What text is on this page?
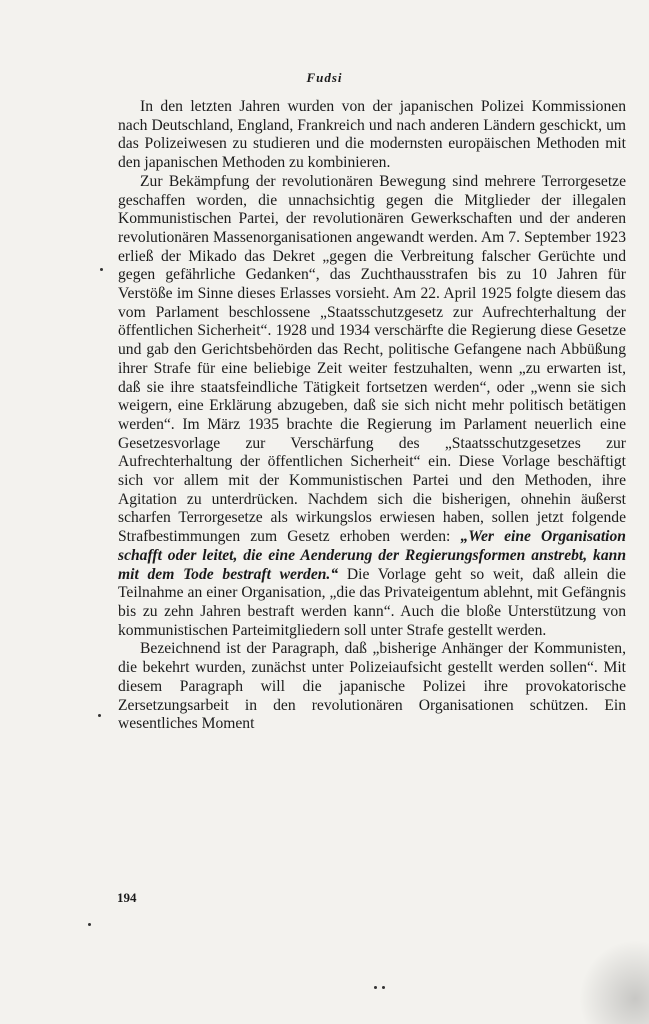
Fudsi

In den letzten Jahren wurden von der japanischen Polizei Kommissionen nach Deutschland, England, Frankreich und nach anderen Ländern geschickt, um das Polizeiwesen zu studieren und die modernsten europäischen Methoden mit den japanischen Methoden zu kombinieren.

Zur Bekämpfung der revolutionären Bewegung sind mehrere Terrorgesetze geschaffen worden, die unnachsichtig gegen die Mitglieder der illegalen Kommunistischen Partei, der revolutionären Gewerkschaften und der anderen revolutionären Massenorganisationen angewandt werden. Am 7. September 1923 erließ der Mikado das Dekret „gegen die Verbreitung falscher Gerüchte und gegen gefährliche Gedanken“, das Zuchthausstrafen bis zu 10 Jahren für Verstöße im Sinne dieses Erlasses vorsieht. Am 22. April 1925 folgte diesem das vom Parlament beschlossene „Staatsschutzgesetz zur Aufrechterhaltung der öffentlichen Sicherheit“. 1928 und 1934 verschärfte die Regierung diese Gesetze und gab den Gerichtsbehörden das Recht, politische Gefangene nach Abbüßung ihrer Strafe für eine beliebige Zeit weiter festzuhalten, wenn „zu erwarten ist, daß sie ihre staatsfeindliche Tätigkeit fortsetzen werden“, oder „wenn sie sich weigern, eine Erklärung abzugeben, daß sie sich nicht mehr politisch betätigen werden“. Im März 1935 brachte die Regierung im Parlament neuerlich eine Gesetzesvorlage zur Verschärfung des „Staatsschutzgesetzes zur Aufrechterhaltung der öffentlichen Sicherheit“ ein. Diese Vorlage beschäftigt sich vor allem mit der Kommunistischen Partei und den Methoden, ihre Agitation zu unterdrücken. Nachdem sich die bisherigen, ohnehin äußerst scharfen Terrorgesetze als wirkungslos erwiesen haben, sollen jetzt folgende Strafbestimmungen zum Gesetz erhoben werden: „Wer eine Organisation schafft oder leitet, die eine Aenderung der Regierungsformen anstrebt, kann mit dem Tode bestraft werden.“ Die Vorlage geht so weit, daß allein die Teilnahme an einer Organisation, „die das Privateigentum ablehnt, mit Gefängnis bis zu zehn Jahren bestraft werden kann“. Auch die bloße Unterstützung von kommunistischen Parteimitgliedern soll unter Strafe gestellt werden.

Bezeichnend ist der Paragraph, daß „bisherige Anhänger der Kommunisten, die bekehrt wurden, zunächst unter Polizeiaufsicht gestellt werden sollen“. Mit diesem Paragraph will die japanische Polizei ihre provokatorische Zersetzungsarbeit in den revolutionären Organisationen schützen. Ein wesentliches Moment

194
